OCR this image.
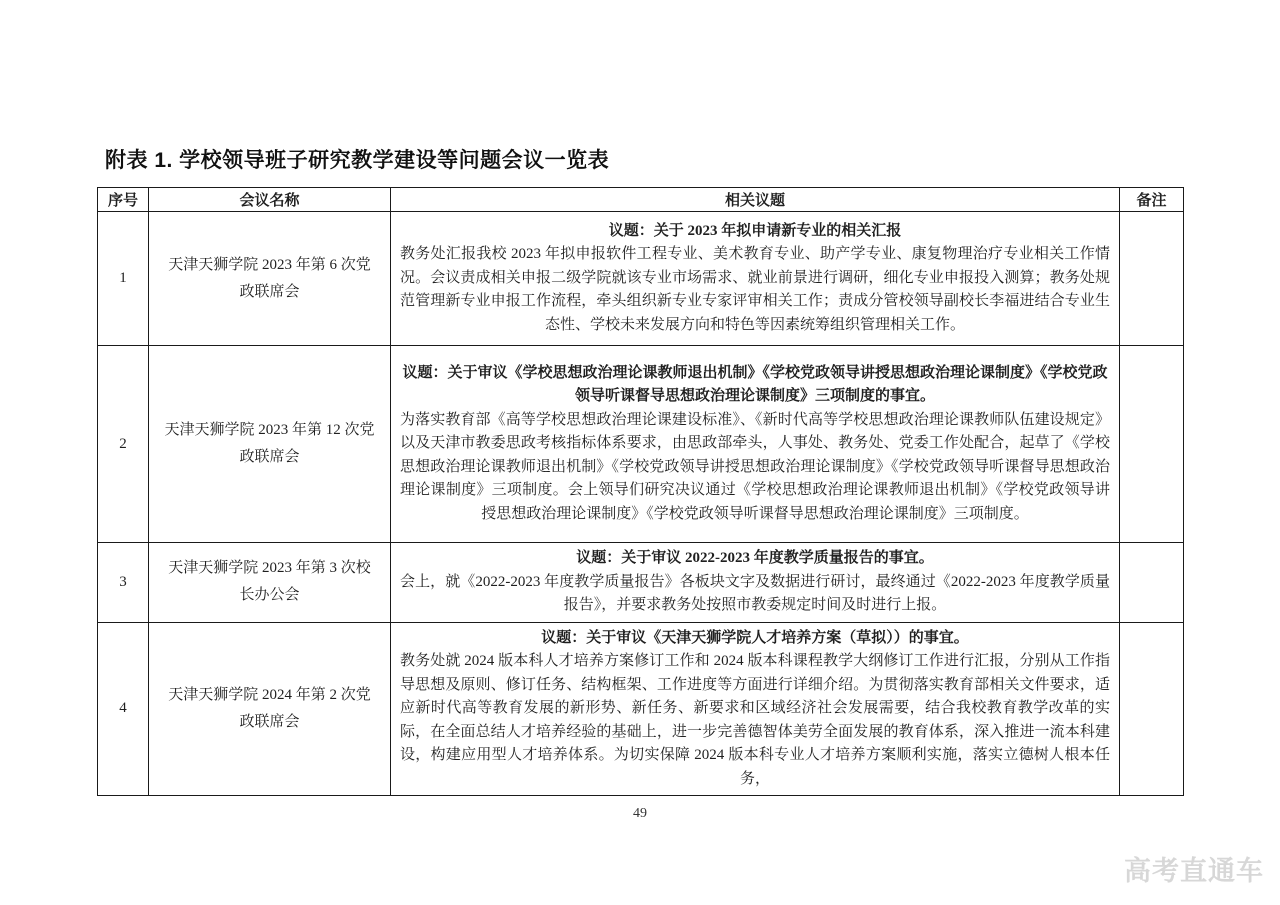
附表 1. 学校领导班子研究教学建设等问题会议一览表
序号	会议名称	相关议题	备注
1	天津天狮学院 2023 年第 6 次党政联席会	议题：关于 2023 年拟申请新专业的相关汇报
教务处汇报我校 2023 年拟申报软件工程专业、美术教育专业、助产学专业、康复物理治疗专业相关工作情况。会议责成相关申报二级学院就该专业市场需求、就业前景进行调研，细化专业申报投入测算；教务处规范管理新专业申报工作流程，牵头组织新专业专家评审相关工作；责成分管校领导副校长李福进结合专业生态性、学校未来发展方向和特色等因素统筹组织管理相关工作。	

2	天津天狮学院 2023 年第 12 次党政联席会	议题：关于审议《学校思想政治理论课教师退出机制》《学校党政领导讲授思想政治理论课制度》《学校党政领导听课督导思想政治理论课制度》三项制度的事宜。
为落实教育部《高等学校思想政治理论课建设标准》、《新时代高等学校思想政治理论课教师队伍建设规定》以及天津市教委思政考核指标体系要求，由思政部牵头，人事处、教务处、党委工作处配合，起草了《学校思想政治理论课教师退出机制》《学校党政领导讲授思想政治理论课制度》《学校党政领导听课督导思想政治理论课制度》三项制度。会上领导们研究决议通过《学校思想政治理论课教师退出机制》《学校党政领导讲授思想政治理论课制度》《学校党政领导听课督导思想政治理论课制度》三项制度。	

3	天津天狮学院 2023 年第 3 次校长办公会	议题：关于审议 2022-2023 年度教学质量报告的事宜。
会上，就《2022-2023 年度教学质量报告》各板块文字及数据进行研讨，最终通过《2022-2023 年度教学质量报告》，并要求教务处按照市教委规定时间及时进行上报。	

4	天津天狮学院 2024 年第 2 次党政联席会	议题：关于审议《天津天狮学院人才培养方案（草拟））的事宜。
教务处就 2024 版本科人才培养方案修订工作和 2024 版本科课程教学大纲修订工作进行汇报，分别从工作指导思想及原则、修订任务、结构框架、工作进度等方面进行详细介绍。为贯彻落实教育部相关文件要求，适应新时代高等教育发展的新形势、新任务、新要求和区域经济社会发展需要，结合我校教育教学改革的实际，在全面总结人才培养经验的基础上，进一步完善德智体美劳全面发展的教育体系，深入推进一流本科建设，构建应用型人才培养体系。为切实保障 2024 版本科专业人才培养方案顺利实施，落实立德树人根本任务，	

49
高考直通车
